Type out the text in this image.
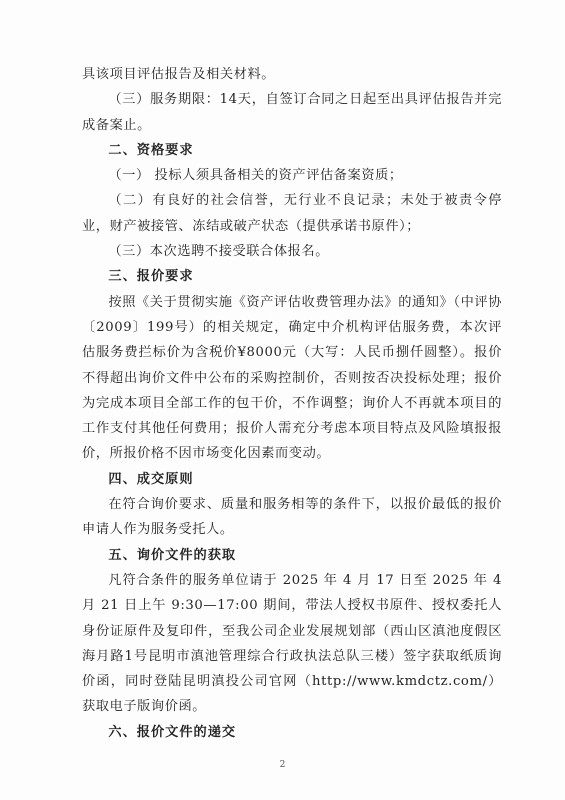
具该项目评估报告及相关材料。

（三）服务期限：14天，自签订合同之日起至出具评估报告并完成备案止。

二、资格要求

（一） 投标人须具备相关的资产评估备案资质；

（二）有良好的社会信誉，无行业不良记录；未处于被责令停业，财产被接管、冻结或破产状态（提供承诺书原件）；

（三）本次选聘不接受联合体报名。

三、报价要求

按照《关于贯彻实施《资产评估收费管理办法》的通知》（中评协〔2009〕199号）的相关规定，确定中介机构评估服务费，本次评估服务费拦标价为含税价¥8000元（大写：人民币捌仟圆整）。报价不得超出询价文件中公布的采购控制价，否则按否决投标处理；报价为完成本项目全部工作的包干价，不作调整；询价人不再就本项目的工作支付其他任何费用；报价人需充分考虑本项目特点及风险填报报价，所报价格不因市场变化因素而变动。

四、成交原则

在符合询价要求、质量和服务相等的条件下，以报价最低的报价申请人作为服务受托人。

五、询价文件的获取

凡符合条件的服务单位请于 2025 年 4 月 17 日至 2025 年 4 月 21 日上午 9:30—17:00 期间，带法人授权书原件、授权委托人身份证原件及复印件，至我公司企业发展规划部（西山区滇池度假区海月路1号昆明市滇池管理综合行政执法总队三楼）签字获取纸质询价函，同时登陆昆明滇投公司官网（http://www.kmdctz.com/）获取电子版询价函。

六、报价文件的递交

2
